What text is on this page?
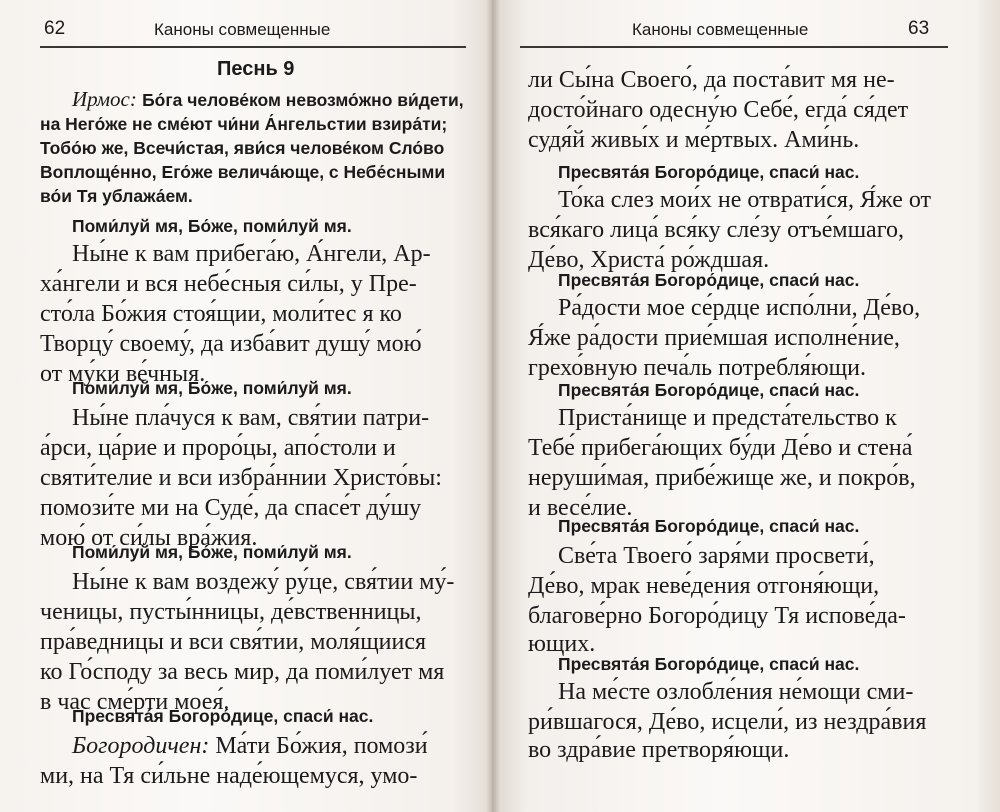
62	Каноны совмещенные
Песнь 9
Ирмос: Бо́га челове́ком невозмо́жно ви́дети,
на Него́же не сме́ют чи́ни А́нгельстии взира́ти;
Тобо́ю же, Всечи́стая, яви́ся челове́ком Сло́во
Воплоще́нно, Его́же велича́юще, с Небе́сными
во́и Тя ублажа́ем.
Поми́луй мя, Бо́же, поми́луй мя.
Ны́не к вам прибега́ю, А́нгели, Ар-
ха́нгели и вся небе́сныя си́лы, у Пре-
сто́ла Бо́жия стоя́щии, моли́тес я ко
Творцу́ своему́, да изба́вит душу́ мою́
от му́ки ве́чныя.
Поми́луй мя, Бо́же, поми́луй мя.
Ны́не пла́чуся к вам, свя́тии патри-
а́рси, ца́рие и проро́цы, апо́столи и
святи́телие и вси избра́ннии Христо́вы:
помози́те ми на Суде́, да спасе́т ду́шу
мою́ от си́лы вра́жия.
Поми́луй мя, Бо́же, поми́луй мя.
Ны́не к вам воздежу́ ру́це, свя́тии му́-
ченицы, пусты́нницы, де́вственницы,
пра́ведницы и вси свя́тии, моля́щиися
ко Го́споду за весь мир, да поми́лует мя
в час сме́рти моея́.
Пресвята́я Богоро́дице, спаси́ нас.
Богородичен: Ма́ти Бо́жия, помози́
ми, на Тя си́льне наде́ющемуся, умо-
Каноны совмещенные	63
ли Сы́на Своего́, да поста́вит мя не-
досто́йнаго одесну́ю Себе́, егда́ ся́дет
судя́й живы́х и ме́ртвых. Ами́нь.
Пресвята́я Богоро́дице, спаси́ нас.
То́ка слез мои́х не отврати́ся, Я́же от
вся́каго лица́ вся́ку сле́зу отъе́мшаго,
Де́во, Христа́ ро́ждшая.
Пресвята́я Богоро́дице, спаси́ нас.
Ра́дости мое се́рдце испо́лни, Де́во,
Я́же ра́дости прие́мшая исполне́ние,
грехо́вную печа́ль потребля́ющи.
Пресвята́я Богоро́дице, спаси́ нас.
Приста́нище и предста́тельство к
Тебе́ прибега́ющих бу́ди Де́во и стена́
неруши́мая, прибе́жище же, и покро́в,
и весе́лие.
Пресвята́я Богоро́дице, спаси́ нас.
Све́та Твоего́ заря́ми просвети́,
Де́во, мрак неве́дения отгоня́ющи,
благове́рно Богоро́дицу Тя испове́да-
ющих.
Пресвята́я Богоро́дице, спаси́ нас.
На ме́сте озлобле́ния не́мощи сми-
ри́вшагося, Де́во, исцели́, из нездра́вия
во здра́вие претворя́ющи.
